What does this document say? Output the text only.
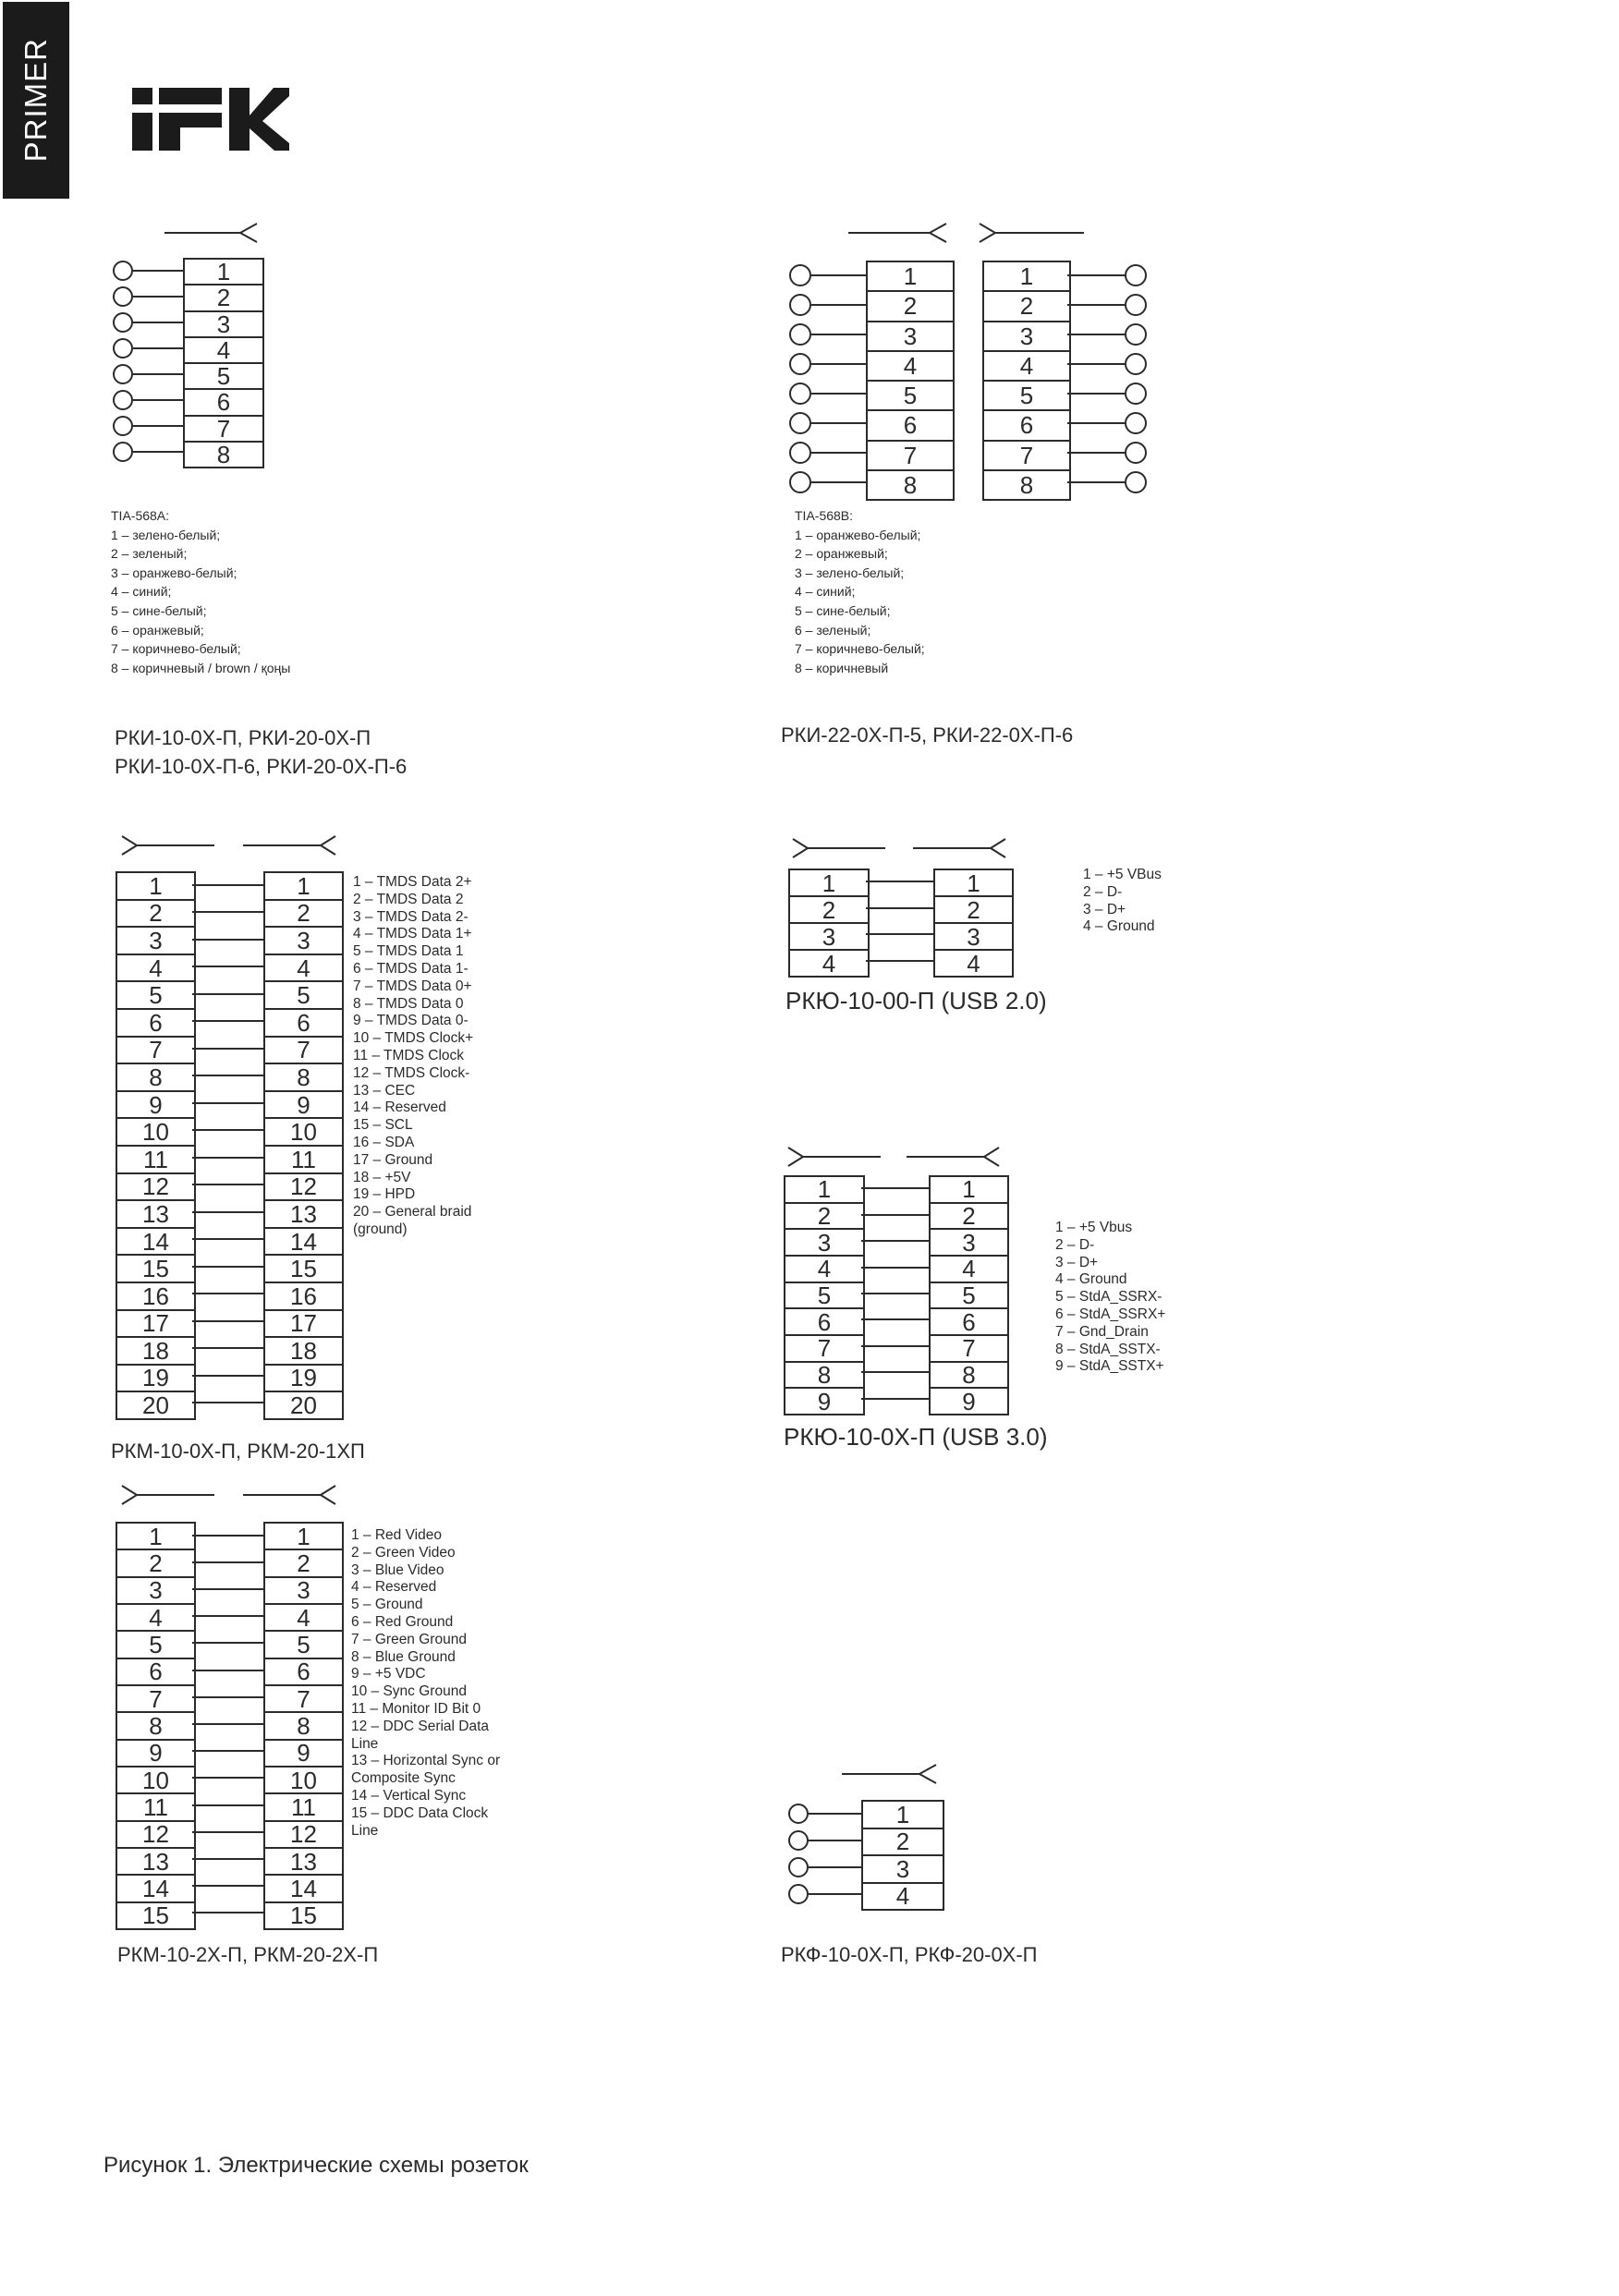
PRIMER
1
2
3
4
5
6
7
8
TIA-568A:
1 – зелено-белый;
2 – зеленый;
3 – оранжево-белый;
4 – синий;
5 – сине-белый;
6 – оранжевый;
7 – коричнево-белый;
8 – коричневый / brown / қоңы
РКИ-10-0Х-П, РКИ-20-0Х-П
РКИ-10-0Х-П-6, РКИ-20-0Х-П-6
1
2
3
4
5
6
7
8
1
2
3
4
5
6
7
8
TIA-568B:
1 – оранжево-белый;
2 – оранжевый;
3 – зелено-белый;
4 – синий;
5 – сине-белый;
6 – зеленый;
7 – коричнево-белый;
8 – коричневый
РКИ-22-0Х-П-5, РКИ-22-0Х-П-6
1
2
3
4
5
6
7
8
9
10
11
12
13
14
15
16
17
18
19
20
1
2
3
4
5
6
7
8
9
10
11
12
13
14
15
16
17
18
19
20
1 – TMDS Data 2+
2 – TMDS Data 2
3 – TMDS Data 2-
4 – TMDS Data 1+
5 – TMDS Data 1
6 – TMDS Data 1-
7 – TMDS Data 0+
8 – TMDS Data 0
9 – TMDS Data 0-
10 – TMDS Clock+
11 – TMDS Clock
12 – TMDS Clock-
13 – CEC
14 – Reserved
15 – SCL
16 – SDA
17 – Ground
18 – +5V
19 – HPD
20 – General braid (ground)
РКМ-10-0Х-П, РКМ-20-1ХП
1
2
3
4
1
2
3
4
1 – +5 VBus
2 – D-
3 – D+
4 – Ground
РКЮ-10-00-П (USB 2.0)
1
2
3
4
5
6
7
8
9
1
2
3
4
5
6
7
8
9
1 – +5 Vbus
2 – D-
3 – D+
4 – Ground
5 – StdA_SSRX-
6 – StdA_SSRX+
7 – Gnd_Drain
8 – StdA_SSTX-
9 – StdA_SSTX+
РКЮ-10-0Х-П (USB 3.0)
1
2
3
4
5
6
7
8
9
10
11
12
13
14
15
1
2
3
4
5
6
7
8
9
10
11
12
13
14
15
1 – Red Video
2 – Green Video
3 – Blue Video
4 – Reserved
5 – Ground
6 – Red Ground
7 – Green Ground
8 – Blue Ground
9 – +5 VDC
10 – Sync Ground
11 – Monitor ID Bit 0
12 – DDC Serial Data Line
13 – Horizontal Sync or Composite Sync
14 – Vertical Sync
15 – DDC Data Clock Line
РКМ-10-2Х-П, РКМ-20-2Х-П
1
2
3
4
РКФ-10-0Х-П, РКФ-20-0Х-П
Рисунок 1. Электрические схемы розеток
